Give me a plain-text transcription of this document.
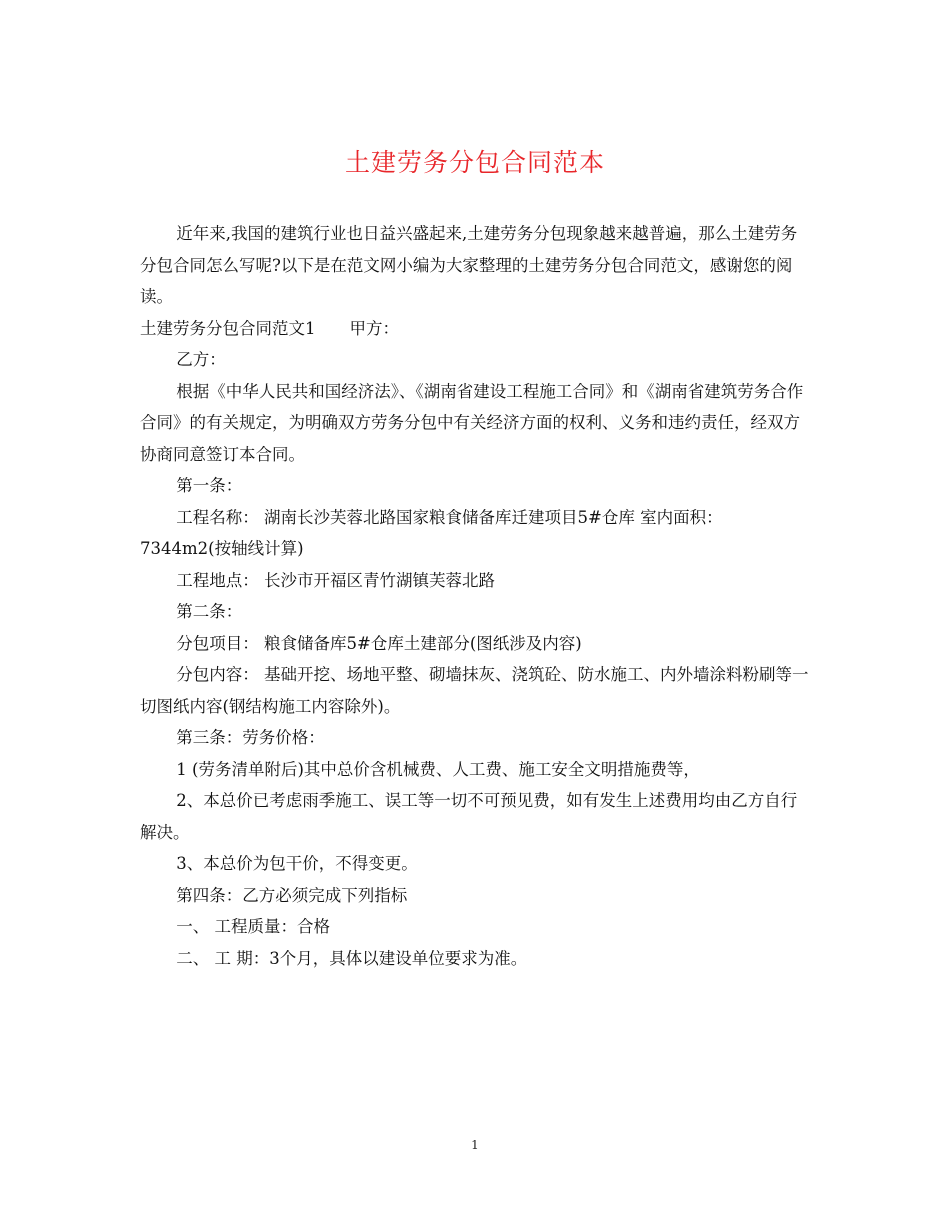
土建劳务分包合同范本

近年来,我国的建筑行业也日益兴盛起来,土建劳务分包现象越来越普遍，那么土建劳务分包合同怎么写呢?以下是在范文网小编为大家整理的土建劳务分包合同范文，感谢您的阅读。

土建劳务分包合同范文1 甲方：

乙方：

根据《中华人民共和国经济法》、《湖南省建设工程施工合同》和《湖南省建筑劳务合作合同》的有关规定，为明确双方劳务分包中有关经济方面的权利、义务和违约责任，经双方协商同意签订本合同。

第一条：

工程名称： 湖南长沙芙蓉北路国家粮食储备库迁建项目5#仓库 室内面积：7344m2(按轴线计算)

工程地点： 长沙市开福区青竹湖镇芙蓉北路

第二条：

分包项目： 粮食储备库5#仓库土建部分(图纸涉及内容)

分包内容： 基础开挖、场地平整、砌墙抹灰、浇筑砼、防水施工、内外墙涂料粉刷等一切图纸内容(钢结构施工内容除外)。

第三条：劳务价格：

1 (劳务清单附后)其中总价含机械费、人工费、施工安全文明措施费等，

2、本总价已考虑雨季施工、误工等一切不可预见费，如有发生上述费用均由乙方自行解决。

3、本总价为包干价，不得变更。

第四条：乙方必须完成下列指标

一、 工程质量：合格

二、 工 期：3个月，具体以建设单位要求为准。

1
